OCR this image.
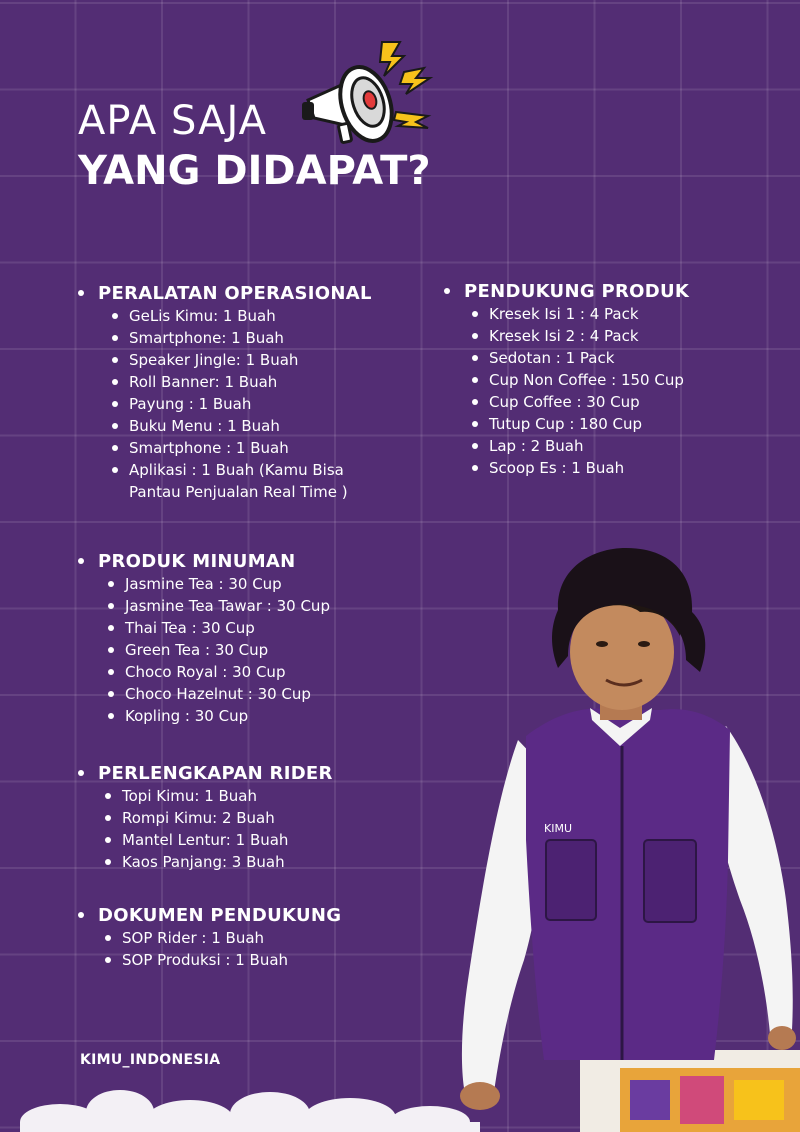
APA SAJA
YANG DIDAPAT?
PERALATAN OPERASIONAL
GeLis Kimu: 1 Buah
Smartphone: 1 Buah
Speaker Jingle: 1 Buah
Roll Banner: 1 Buah
Payung : 1 Buah
Buku Menu : 1 Buah
Smartphone : 1 Buah
Aplikasi : 1 Buah (Kamu Bisa
Pantau Penjualan Real Time )
PENDUKUNG PRODUK
Kresek Isi 1 : 4 Pack
Kresek Isi 2 : 4 Pack
Sedotan : 1 Pack
Cup Non Coffee : 150 Cup
Cup Coffee : 30 Cup
Tutup Cup : 180 Cup
Lap : 2 Buah
Scoop Es : 1 Buah
PRODUK MINUMAN
Jasmine Tea : 30 Cup
Jasmine Tea Tawar : 30 Cup
Thai Tea : 30 Cup
Green Tea : 30 Cup
Choco Royal : 30 Cup
Choco Hazelnut : 30 Cup
Kopling : 30 Cup
PERLENGKAPAN RIDER
Topi Kimu: 1 Buah
Rompi Kimu: 2 Buah
Mantel Lentur: 1 Buah
Kaos Panjang: 3 Buah
DOKUMEN PENDUKUNG
SOP Rider : 1 Buah
SOP Produksi : 1 Buah
KIMU_INDONESIA
KIMU
